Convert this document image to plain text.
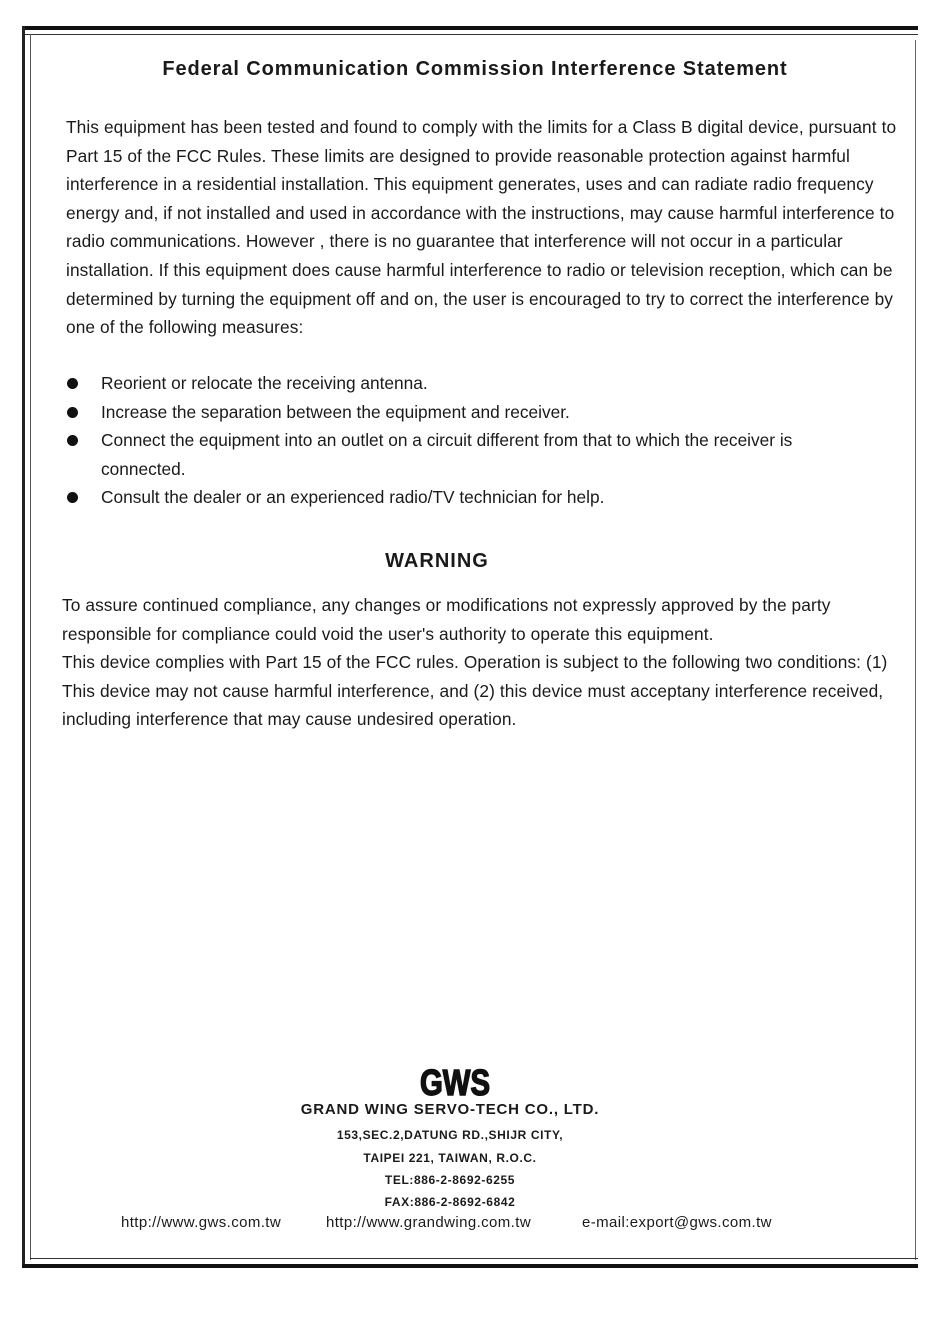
Federal Communication Commission Interference Statement

This equipment has been tested and found to comply with the limits for a Class B digital device, pursuant to Part 15 of the FCC Rules. These limits are designed to provide reasonable protection against harmful interference in a residential installation. This equipment generates, uses and can radiate radio frequency energy and, if not installed and used in accordance with the instructions, may cause harmful interference to radio communications. However , there is no guarantee that interference will not occur in a particular installation. If this equipment does cause harmful interference to radio or television reception, which can be determined by turning the equipment off and on, the user is encouraged to try to correct the interference by one of the following measures:

Reorient or relocate the receiving antenna.
Increase the separation between the equipment and receiver.
Connect the equipment into an outlet on a circuit different from that to which the receiver is connected.
Consult the dealer or an experienced radio/TV technician for help.
WARNING
To assure continued compliance, any changes or modifications not expressly approved by the party responsible for compliance could void the user's authority to operate this equipment.
This device complies with Part 15 of the FCC rules. Operation is subject to the following two conditions: (1) This device may not cause harmful interference, and (2) this device must acceptany interference received, including interference that may cause undesired operation.
GWS
GRAND WING SERVO-TECH CO., LTD.
153,SEC.2,DATUNG RD.,SHIJR CITY,
TAIPEI 221, TAIWAN, R.O.C.
TEL:886-2-8692-6255
FAX:886-2-8692-6842
http://www.gws.com.tw	http://www.grandwing.com.tw	e-mail:export@gws.com.tw
